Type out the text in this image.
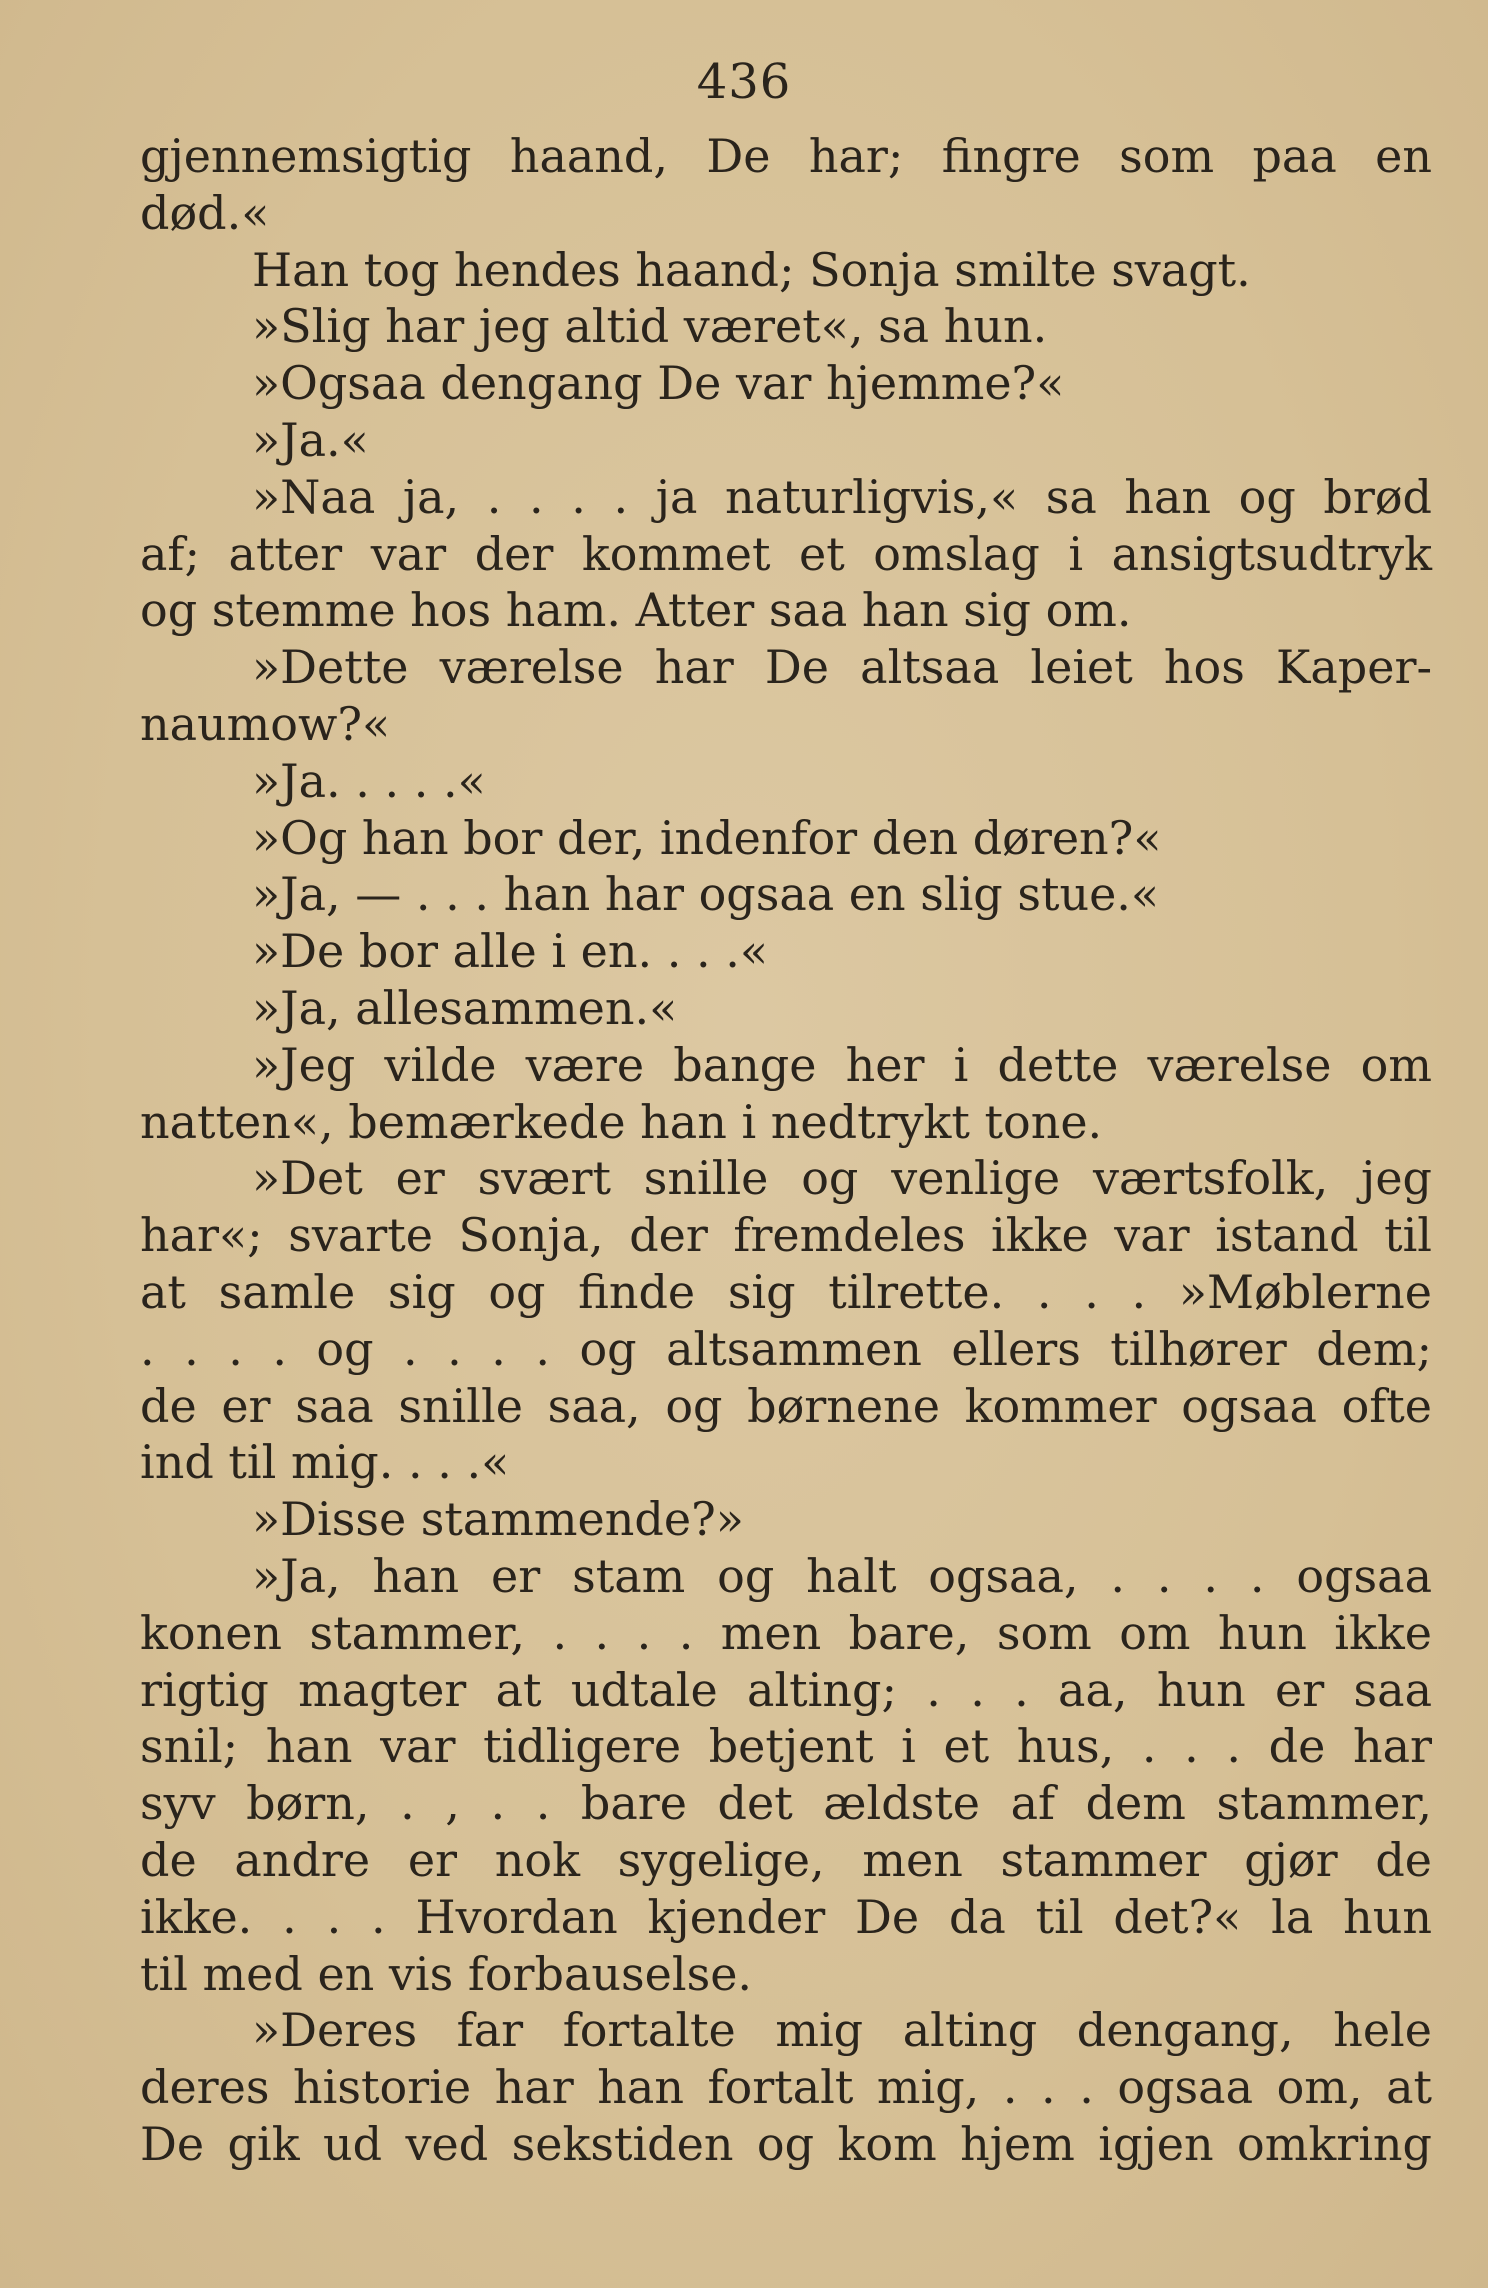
436
gjennemsigtig haand, De har; fingre som paa en
død.«
Han tog hendes haand; Sonja smilte svagt.
»Slig har jeg altid været«, sa hun.
»Ogsaa dengang De var hjemme?«
»Ja.«
»Naa ja, . . . . ja naturligvis,« sa han og brød
af; atter var der kommet et omslag i ansigtsudtryk
og stemme hos ham. Atter saa han sig om.
»Dette værelse har De altsaa leiet hos Kaper-
naumow?«
»Ja. . . . .«
»Og han bor der, indenfor den døren?«
»Ja, — . . . han har ogsaa en slig stue.«
»De bor alle i en. . . .«
»Ja, allesammen.«
»Jeg vilde være bange her i dette værelse om
natten«, bemærkede han i nedtrykt tone.
»Det er svært snille og venlige værtsfolk, jeg
har«; svarte Sonja, der fremdeles ikke var istand til
at samle sig og finde sig tilrette. . . . »Møblerne
. . . . og . . . . og altsammen ellers tilhører dem;
de er saa snille saa, og børnene kommer ogsaa ofte
ind til mig. . . .«
»Disse stammende?»
»Ja, han er stam og halt ogsaa, . . . . ogsaa
konen stammer, . . . . men bare, som om hun ikke
rigtig magter at udtale alting; . . . aa, hun er saa
snil; han var tidligere betjent i et hus, . . . de har
syv børn, . , . . bare det ældste af dem stammer,
de andre er nok sygelige, men stammer gjør de
ikke. . . . Hvordan kjender De da til det?« la hun
til med en vis forbauselse.
»Deres far fortalte mig alting dengang, hele
deres historie har han fortalt mig, . . . ogsaa om, at
De gik ud ved sekstiden og kom hjem igjen omkring
